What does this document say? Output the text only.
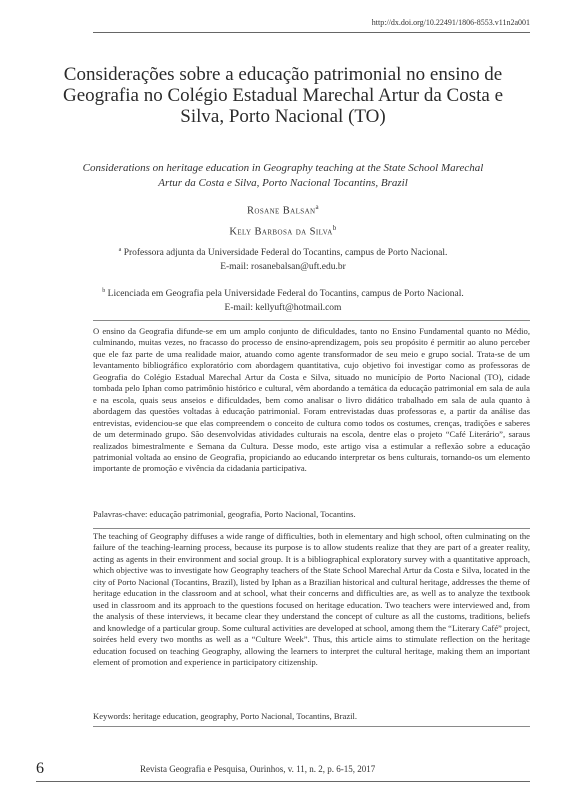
http://dx.doi.org/10.22491/1806-8553.v11n2a001
Considerações sobre a educação patrimonial no ensino de Geografia no Colégio Estadual Marechal Artur da Costa e Silva, Porto Nacional (TO)
Considerations on heritage education in Geography teaching at the State School Marechal Artur da Costa e Silva, Porto Nacional Tocantins, Brazil
Rosane Balsan$^a$
Kely Barbosa da Silva$^b$
$^a$ Professora adjunta da Universidade Federal do Tocantins, campus de Porto Nacional.
E-mail: rosanebalsan@uft.edu.br
$^b$ Licenciada em Geografia pela Universidade Federal do Tocantins, campus de Porto Nacional.
E-mail: kellyuft@hotmail.com

O ensino da Geografia difunde-se em um amplo conjunto de dificuldades, tanto no Ensino Fundamental quanto no Médio, culminando, muitas vezes, no fracasso do processo de ensino-aprendizagem, pois seu propósito é permitir ao aluno perceber que ele faz parte de uma realidade maior, atuando como agente transformador de seu meio e grupo social. Trata-se de um levantamento bibliográfico exploratório com abordagem quantitativa, cujo objetivo foi investigar como as professoras de Geografia do Colégio Estadual Marechal Artur da Costa e Silva, situado no município de Porto Nacional (TO), cidade tombada pelo Iphan como patrimônio histórico e cultural, vêm abordando a temática da educação patrimonial em sala de aula e na escola, quais seus anseios e dificuldades, bem como analisar o livro didático trabalhado em sala de aula quanto à abordagem das questões voltadas à educação patrimonial. Foram entrevistadas duas professoras e, a partir da análise das entrevistas, evidenciou-se que elas compreendem o conceito de cultura como todos os costumes, crenças, tradições e saberes de um determinado grupo. São desenvolvidas atividades culturais na escola, dentre elas o projeto “Café Literário”, saraus realizados bimestralmente e Semana da Cultura. Desse modo, este artigo visa a estimular a reflexão sobre a educação patrimonial voltada ao ensino de Geografia, propiciando ao educando interpretar os bens culturais, tornando-os um elemento importante de promoção e vivência da cidadania participativa.

Palavras-chave: educação patrimonial, geografia, Porto Nacional, Tocantins.

The teaching of Geography diffuses a wide range of difficulties, both in elementary and high school, often culminating on the failure of the teaching-learning process, because its purpose is to allow students realize that they are part of a greater reality, acting as agents in their environment and social group. It is a bibliographical exploratory survey with a quantitative approach, which objective was to investigate how Geography teachers of the State School Marechal Artur da Costa e Silva, located in the city of Porto Nacional (Tocantins, Brazil), listed by Iphan as a Brazilian historical and cultural heritage, addresses the theme of heritage education in the classroom and at school, what their concerns and difficulties are, as well as to analyze the textbook used in classroom and its approach to the questions focused on heritage education. Two teachers were interviewed and, from the analysis of these interviews, it became clear they understand the concept of culture as all the customs, traditions, beliefs and knowledge of a particular group. Some cultural activities are developed at school, among them the “Literary Café” project, soirées held every two months as well as a “Culture Week”. Thus, this article aims to stimulate reflection on the heritage education focused on teaching Geography, allowing the learners to interpret the cultural heritage, making them an important element of promotion and experience in participatory citizenship.

Keywords: heritage education, geography, Porto Nacional, Tocantins, Brazil.

6	Revista Geografia e Pesquisa, Ourinhos, v. 11, n. 2, p. 6-15, 2017
